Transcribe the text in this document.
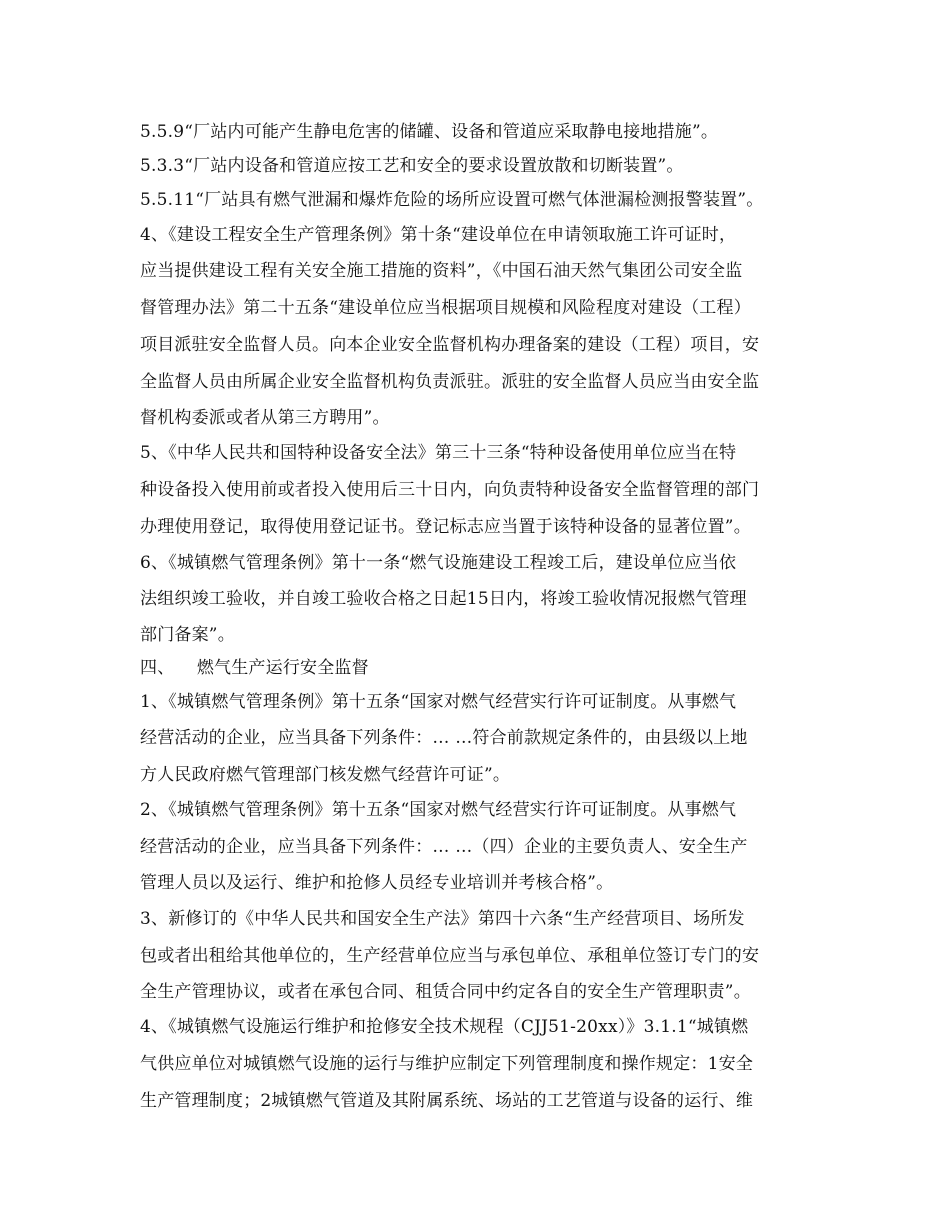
5.5.9“厂站内可能产生静电危害的储罐、设备和管道应采取静电接地措施”。
5.3.3“厂站内设备和管道应按工艺和安全的要求设置放散和切断装置”。
5.5.11“厂站具有燃气泄漏和爆炸危险的场所应设置可燃气体泄漏检测报警装置”。
4、《建设工程安全生产管理条例》第十条“建设单位在申请领取施工许可证时，
应当提供建设工程有关安全施工措施的资料”，《中国石油天然气集团公司安全监
督管理办法》第二十五条“建设单位应当根据项目规模和风险程度对建设（工程）
项目派驻安全监督人员。向本企业安全监督机构办理备案的建设（工程）项目，安
全监督人员由所属企业安全监督机构负责派驻。派驻的安全监督人员应当由安全监
督机构委派或者从第三方聘用”。
5、《中华人民共和国特种设备安全法》第三十三条“特种设备使用单位应当在特
种设备投入使用前或者投入使用后三十日内，向负责特种设备安全监督管理的部门
办理使用登记，取得使用登记证书。登记标志应当置于该特种设备的显著位置”。
6、《城镇燃气管理条例》第十一条“燃气设施建设工程竣工后，建设单位应当依
法组织竣工验收，并自竣工验收合格之日起15日内，将竣工验收情况报燃气管理
部门备案”。
四、    燃气生产运行安全监督
1、《城镇燃气管理条例》第十五条“国家对燃气经营实行许可证制度。从事燃气
经营活动的企业，应当具备下列条件：… …符合前款规定条件的，由县级以上地
方人民政府燃气管理部门核发燃气经营许可证”。
2、《城镇燃气管理条例》第十五条“国家对燃气经营实行许可证制度。从事燃气
经营活动的企业，应当具备下列条件：… …（四）企业的主要负责人、安全生产
管理人员以及运行、维护和抢修人员经专业培训并考核合格”。
3、新修订的《中华人民共和国安全生产法》第四十六条“生产经营项目、场所发
包或者出租给其他单位的，生产经营单位应当与承包单位、承租单位签订专门的安
全生产管理协议，或者在承包合同、租赁合同中约定各自的安全生产管理职责”。
4、《城镇燃气设施运行维护和抢修安全技术规程（CJJ51-20xx）》3.1.1“城镇燃
气供应单位对城镇燃气设施的运行与维护应制定下列管理制度和操作规定：1安全
生产管理制度；2城镇燃气管道及其附属系统、场站的工艺管道与设备的运行、维
